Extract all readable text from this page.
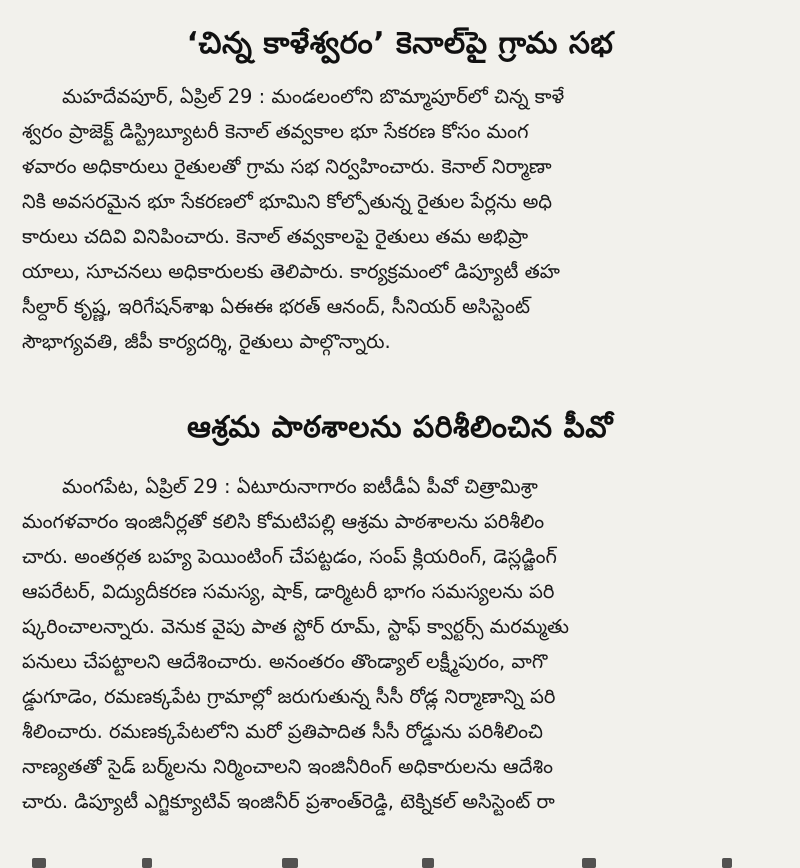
‘చిన్న కాళేశ్వరం’ కెనాల్‌పై గ్రామ సభ
మహదేవపూర్, ఏప్రిల్ 29 : మండలంలోని బొమ్మాపూర్‌లో చిన్న కాళే
శ్వరం ప్రాజెక్ట్ డిస్ట్రిబ్యూటరీ కెనాల్ తవ్వకాల భూ సేకరణ కోసం మంగ
ళవారం అధికారులు రైతులతో గ్రామ సభ నిర్వహించారు. కెనాల్ నిర్మాణా
నికి అవసరమైన భూ సేకరణలో భూమిని కోల్పోతున్న రైతుల పేర్లను అధి
కారులు చదివి వినిపించారు. కెనాల్ తవ్వకాలపై రైతులు తమ అభిప్రా
యాలు, సూచనలు అధికారులకు తెలిపారు. కార్యక్రమంలో డిప్యూటీ తహ
సీల్దార్ కృష్ణ, ఇరిగేషన్‌శాఖ ఏఈఈ భరత్ ఆనంద్, సీనియర్ అసిస్టెంట్
సౌభాగ్యవతి, జీపీ కార్యదర్శి, రైతులు పాల్గొన్నారు.
ఆశ్రమ పాఠశాలను పరిశీలించిన పీవో
మంగపేట, ఏప్రిల్ 29 : ఏటూరునాగారం ఐటీడీఏ పీవో చిత్రామిశ్రా
మంగళవారం ఇంజినీర్లతో కలిసి కోమటిపల్లి ఆశ్రమ పాఠశాలను పరిశీలిం
చారు. అంతర్గత బహ్య పెయింటింగ్ చేపట్టడం, సంప్ క్లియరింగ్, డెస్లడ్జింగ్
ఆపరేటర్, విద్యుదీకరణ సమస్య, షాక్, డార్మిటరీ భాగం సమస్యలను పరి
ష్కరించాలన్నారు. వెనుక వైపు పాత స్టోర్ రూమ్, స్టాఫ్ క్వార్టర్స్ మరమ్మతు
పనులు చేపట్టాలని ఆదేశించారు. అనంతరం తొండ్యాల్ లక్ష్మీపురం, వాగొ
డ్డుగూడెం, రమణక్కపేట గ్రామాల్లో జరుగుతున్న సీసీ రోడ్ల నిర్మాణాన్ని పరి
శీలించారు. రమణక్కపేటలోని మరో ప్రతిపాదిత సీసీ రోడ్డును పరిశీలించి
నాణ్యతతో సైడ్ బర్మ్‌లను నిర్మించాలని ఇంజినీరింగ్ అధికారులను ఆదేశిం
చారు. డిప్యూటీ ఎగ్జిక్యూటివ్ ఇంజినీర్ ప్రశాంత్‌రెడ్డి, టెక్నికల్ అసిస్టెంట్ రా
